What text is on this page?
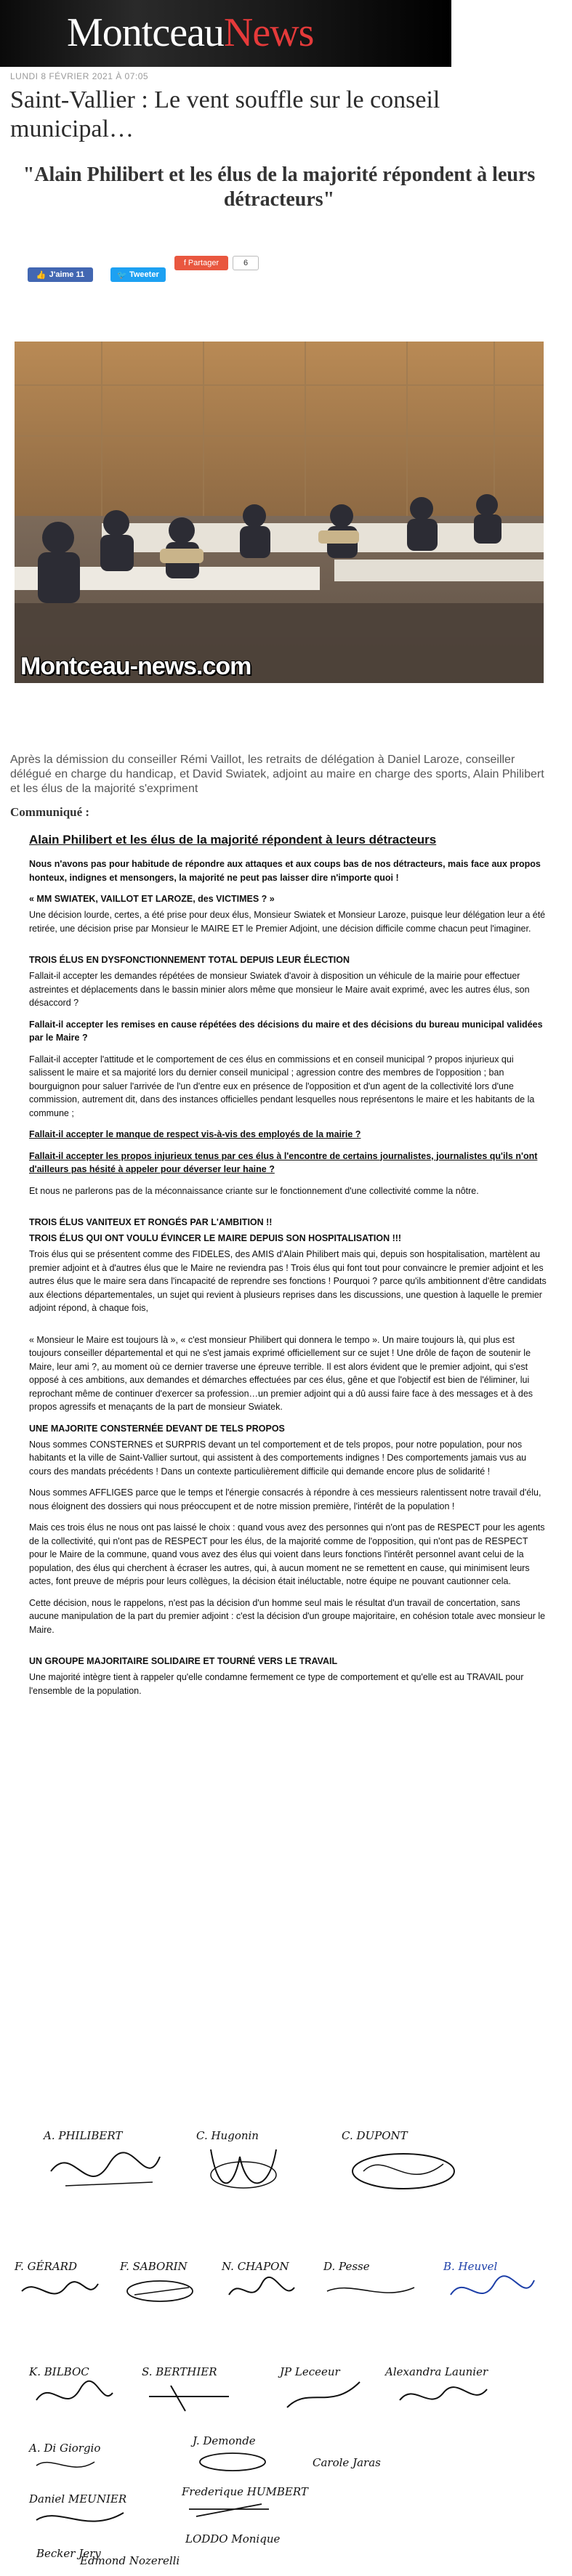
MontceauNews
LUNDI 8 FÉVRIER 2021 À 07:05
Saint-Vallier : Le vent souffle sur le conseil municipal…
"Alain Philibert et les élus de la majorité répondent à leurs détracteurs"
👍 J'aime 11	🐦 Tweeter
f Partager	6
Montceau-news.com

Après la démission du conseiller Rémi Vaillot, les retraits de délégation à Daniel Laroze, conseiller délégué en charge du handicap, et David Swiatek, adjoint au maire en charge des sports, Alain Philibert et les élus de la majorité s'expriment

Communiqué :
Alain Philibert et les élus de la majorité répondent à leurs détracteurs

Nous n'avons pas pour habitude de répondre aux attaques et aux coups bas de nos détracteurs, mais face aux propos honteux, indignes et mensongers, la majorité ne peut pas laisser dire n'importe quoi !

« MM SWIATEK, VAILLOT ET LAROZE, des VICTIMES ? »

Une décision lourde, certes, a été prise pour deux élus, Monsieur Swiatek et Monsieur Laroze, puisque leur délégation leur a été retirée, une décision prise par Monsieur le MAIRE ET le Premier Adjoint, une décision difficile comme chacun peut l'imaginer.

TROIS ÉLUS EN DYSFONCTIONNEMENT TOTAL DEPUIS LEUR ÉLECTION

Fallait-il accepter les demandes répétées de monsieur Swiatek d'avoir à disposition un véhicule de la mairie pour effectuer astreintes et déplacements dans le bassin minier alors même que monsieur le Maire avait exprimé, avec les autres élus, son désaccord ?

Fallait-il accepter les remises en cause répétées des décisions du maire et des décisions du bureau municipal validées par le Maire ?

Fallait-il accepter l'attitude et le comportement de ces élus en commissions et en conseil municipal ? propos injurieux qui salissent le maire et sa majorité lors du dernier conseil municipal ; agression contre des membres de l'opposition ; ban bourguignon pour saluer l'arrivée de l'un d'entre eux en présence de l'opposition et d'un agent de la collectivité lors d'une commission, autrement dit, dans des instances officielles pendant lesquelles nous représentons le maire et les habitants de la commune ;

Fallait-il accepter le manque de respect vis-à-vis des employés de la mairie ?

Fallait-il accepter les propos injurieux tenus par ces élus à l'encontre de certains journalistes, journalistes qu'ils n'ont d'ailleurs pas hésité à appeler pour déverser leur haine ?

Et nous ne parlerons pas de la méconnaissance criante sur le fonctionnement d'une collectivité comme la nôtre.

TROIS ÉLUS VANITEUX ET RONGÉS PAR L'AMBITION !!
TROIS ÉLUS QUI ONT VOULU ÉVINCER LE MAIRE DEPUIS SON HOSPITALISATION !!!

Trois élus qui se présentent comme des FIDELES, des AMIS d'Alain Philibert mais qui, depuis son hospitalisation, martèlent au premier adjoint et à d'autres élus que le Maire ne reviendra pas ! Trois élus qui font tout pour convaincre le premier adjoint et les autres élus que le maire sera dans l'incapacité de reprendre ses fonctions ! Pourquoi ? parce qu'ils ambitionnent d'être candidats aux élections départementales, un sujet qui revient à plusieurs reprises dans les discussions, une question à laquelle le premier adjoint répond, à chaque fois,

« Monsieur le Maire est toujours là », « c'est monsieur Philibert qui donnera le tempo ». Un maire toujours là, qui plus est toujours conseiller départemental et qui ne s'est jamais exprimé officiellement sur ce sujet ! Une drôle de façon de soutenir le Maire, leur ami ?, au moment où ce dernier traverse une épreuve terrible. Il est alors évident que le premier adjoint, qui s'est opposé à ces ambitions, aux demandes et démarches effectuées par ces élus, gêne et que l'objectif est bien de l'éliminer, lui reprochant même de continuer d'exercer sa profession…un premier adjoint qui a dû aussi faire face à des messages et à des propos agressifs et menaçants de la part de monsieur Swiatek.

UNE MAJORITE CONSTERNÉE DEVANT DE TELS PROPOS

Nous sommes CONSTERNES et SURPRIS devant un tel comportement et de tels propos, pour notre population, pour nos habitants et la ville de Saint-Vallier surtout, qui assistent à des comportements indignes ! Des comportements jamais vus au cours des mandats précédents ! Dans un contexte particulièrement difficile qui demande encore plus de solidarité !

Nous sommes AFFLIGES parce que le temps et l'énergie consacrés à répondre à ces messieurs ralentissent notre travail d'élu, nous éloignent des dossiers qui nous préoccupent et de notre mission première, l'intérêt de la population !

Mais ces trois élus ne nous ont pas laissé le choix : quand vous avez des personnes qui n'ont pas de RESPECT pour les agents de la collectivité, qui n'ont pas de RESPECT pour les élus, de la majorité comme de l'opposition, qui n'ont pas de RESPECT pour le Maire de la commune, quand vous avez des élus qui voient dans leurs fonctions l'intérêt personnel avant celui de la population, des élus qui cherchent à écraser les autres, qui, à aucun moment ne se remettent en cause, qui minimisent leurs actes, font preuve de mépris pour leurs collègues, la décision était inéluctable, notre équipe ne pouvant cautionner cela.

Cette décision, nous le rappelons, n'est pas la décision d'un homme seul mais le résultat d'un travail de concertation, sans aucune manipulation de la part du premier adjoint : c'est la décision d'un groupe majoritaire, en cohésion totale avec monsieur le Maire.

UN GROUPE MAJORITAIRE SOLIDAIRE ET TOURNÉ VERS LE TRAVAIL

Une majorité intègre tient à rappeler qu'elle condamne fermement ce type de comportement et qu'elle est au TRAVAIL pour l'ensemble de la population.

A. PHILIBERT	C. Hugonin	C. DUPONT
F. GÉRARD	F. SABORIN	N. CHAPON	D. Pesse	B. Heuvel
K. BILBOC	S. BERTHIER	JP Leceeur	Alexandra Launier
A. Di Giorgio
J. Demonde
Carole Jaras
Daniel MEUNIER
Frederique HUMBERT
LODDO Monique
Becker Jery
Edmond Nozerelli
